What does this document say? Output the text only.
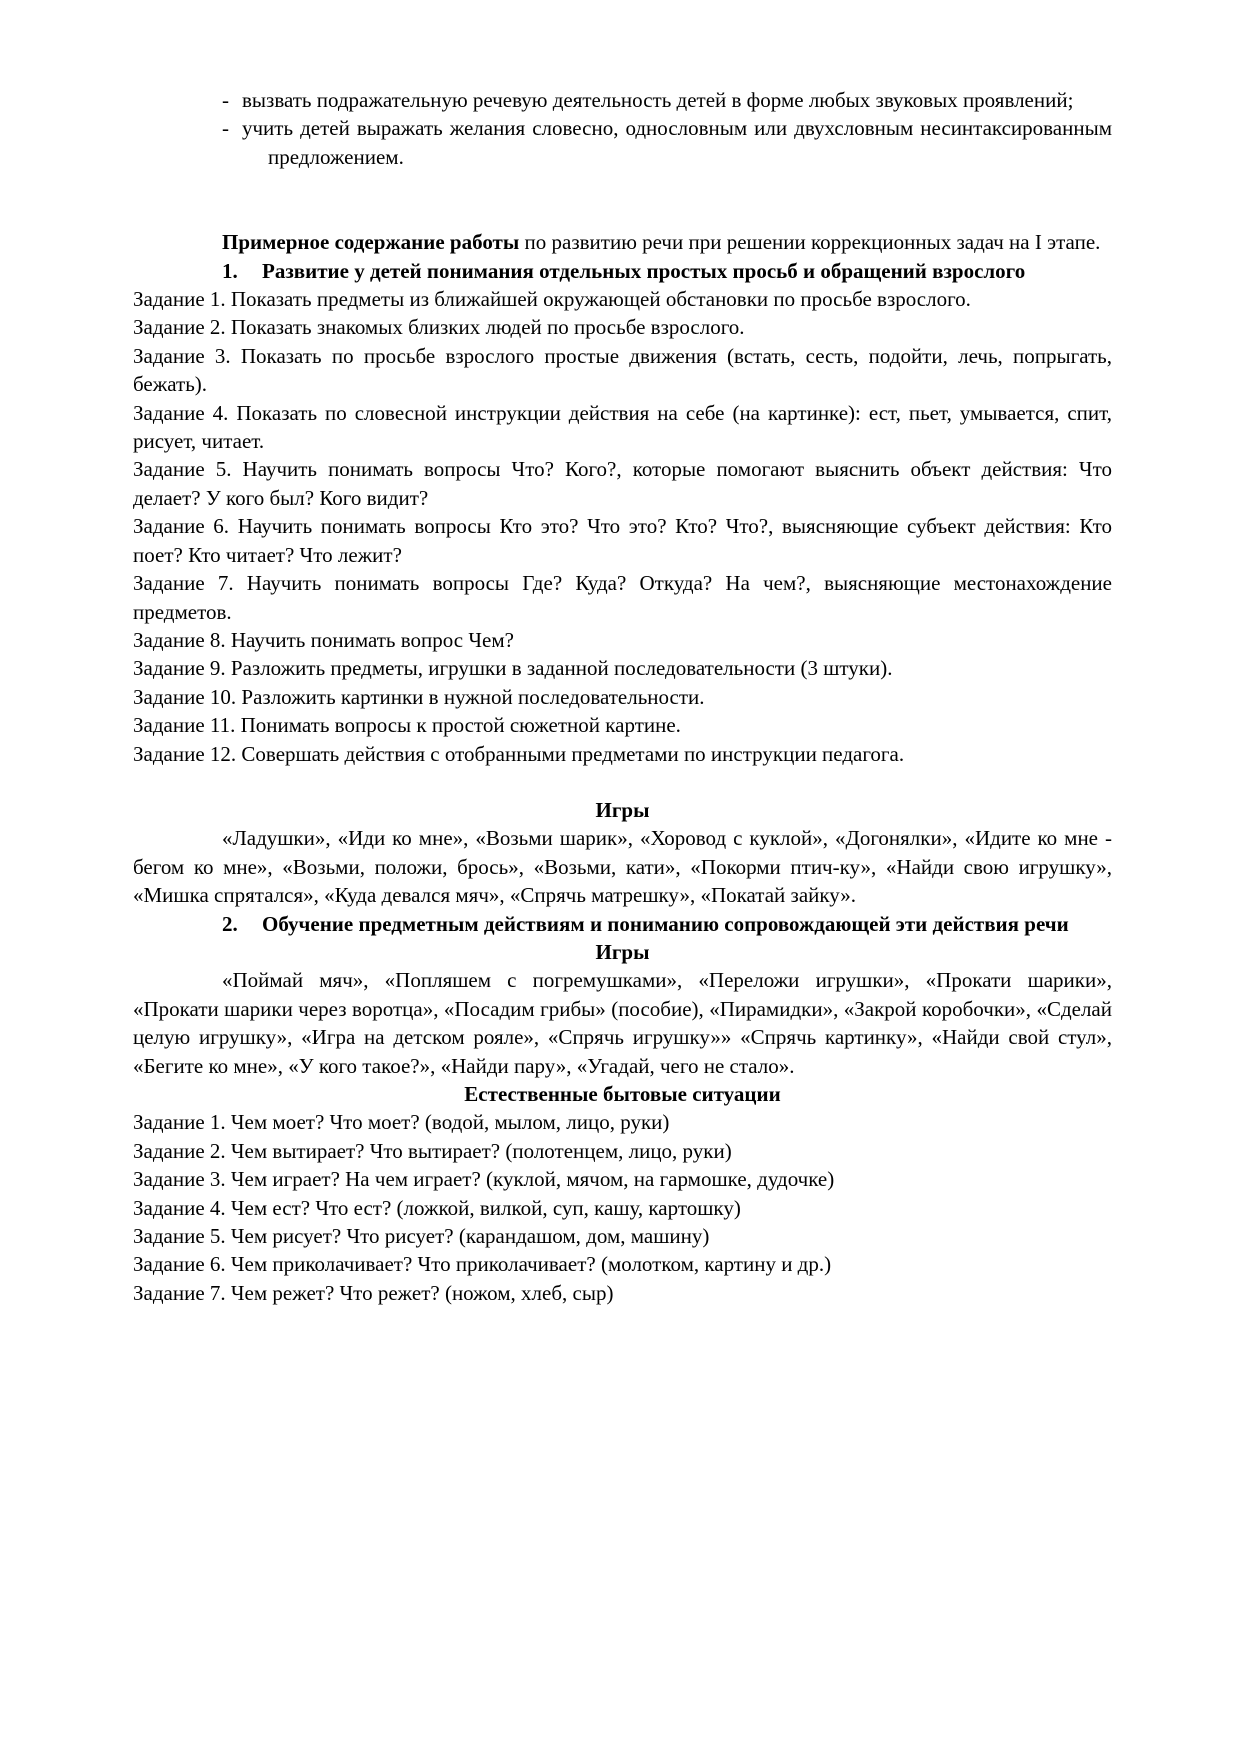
- вызвать подражательную речевую деятельность детей в форме любых звуковых проявлений;
- учить детей выражать желания словесно, однословным или двухсловным несинтаксированным предложением.

Примерное содержание работы по развитию речи при решении коррекционных задач на I этапе.

1. Развитие у детей понимания отдельных простых просьб и обращений взрослого

Задание 1. Показать предметы из ближайшей окружающей обстановки по просьбе взрослого.

Задание 2. Показать знакомых близких людей по просьбе взрослого.

Задание 3. Показать по просьбе взрослого простые движения (встать, сесть, подойти, лечь, попрыгать, бежать).

Задание 4. Показать по словесной инструкции действия на себе (на картинке): ест, пьет, умывается, спит, рисует, читает.

Задание 5. Научить понимать вопросы Что? Кого?, которые помогают выяснить объект действия: Что делает? У кого был? Кого видит?

Задание 6. Научить понимать вопросы Кто это? Что это? Кто? Что?, выясняющие субъект действия: Кто поет? Кто читает? Что лежит?

Задание 7. Научить понимать вопросы Где? Куда? Откуда? На чем?, выясняющие местонахождение предметов.

Задание 8. Научить понимать вопрос Чем?

Задание 9. Разложить предметы, игрушки в заданной последовательности (3 штуки).

Задание 10. Разложить картинки в нужной последовательности.

Задание 11. Понимать вопросы к простой сюжетной картине.

Задание 12. Совершать действия с отобранными предметами по инструкции педагога.

Игры

«Ладушки», «Иди ко мне», «Возьми шарик», «Хоровод с куклой», «Догонялки», «Идите ко мне - бегом ко мне», «Возьми, положи, брось», «Возьми, кати», «Покорми птич-ку», «Найди свою игрушку», «Мишка спрятался», «Куда девался мяч», «Спрячь матрешку», «Покатай зайку».

2. Обучение предметным действиям и пониманию сопровождающей эти действия речи
Игры

«Поймай мяч», «Попляшем с погремушками», «Переложи игрушки», «Прокати шарики», «Прокати шарики через воротца», «Посадим грибы» (пособие), «Пирамидки», «Закрой коробочки», «Сделай целую игрушку», «Игра на детском рояле», «Спрячь игрушку»» «Спрячь картинку», «Найди свой стул», «Бегите ко мне», «У кого такое?», «Найди пару», «Угадай, чего не стало».

Естественные бытовые ситуации

Задание 1. Чем моет? Что моет? (водой, мылом, лицо, руки)

Задание 2. Чем вытирает? Что вытирает? (полотенцем, лицо, руки)

Задание 3. Чем играет? На чем играет? (куклой, мячом, на гармошке, дудочке)

Задание 4. Чем ест? Что ест? (ложкой, вилкой, суп, кашу, картошку)

Задание 5. Чем рисует? Что рисует? (карандашом, дом, машину)

Задание 6. Чем приколачивает? Что приколачивает? (молотком, картину и др.)

Задание 7. Чем режет? Что режет? (ножом, хлеб, сыр)
